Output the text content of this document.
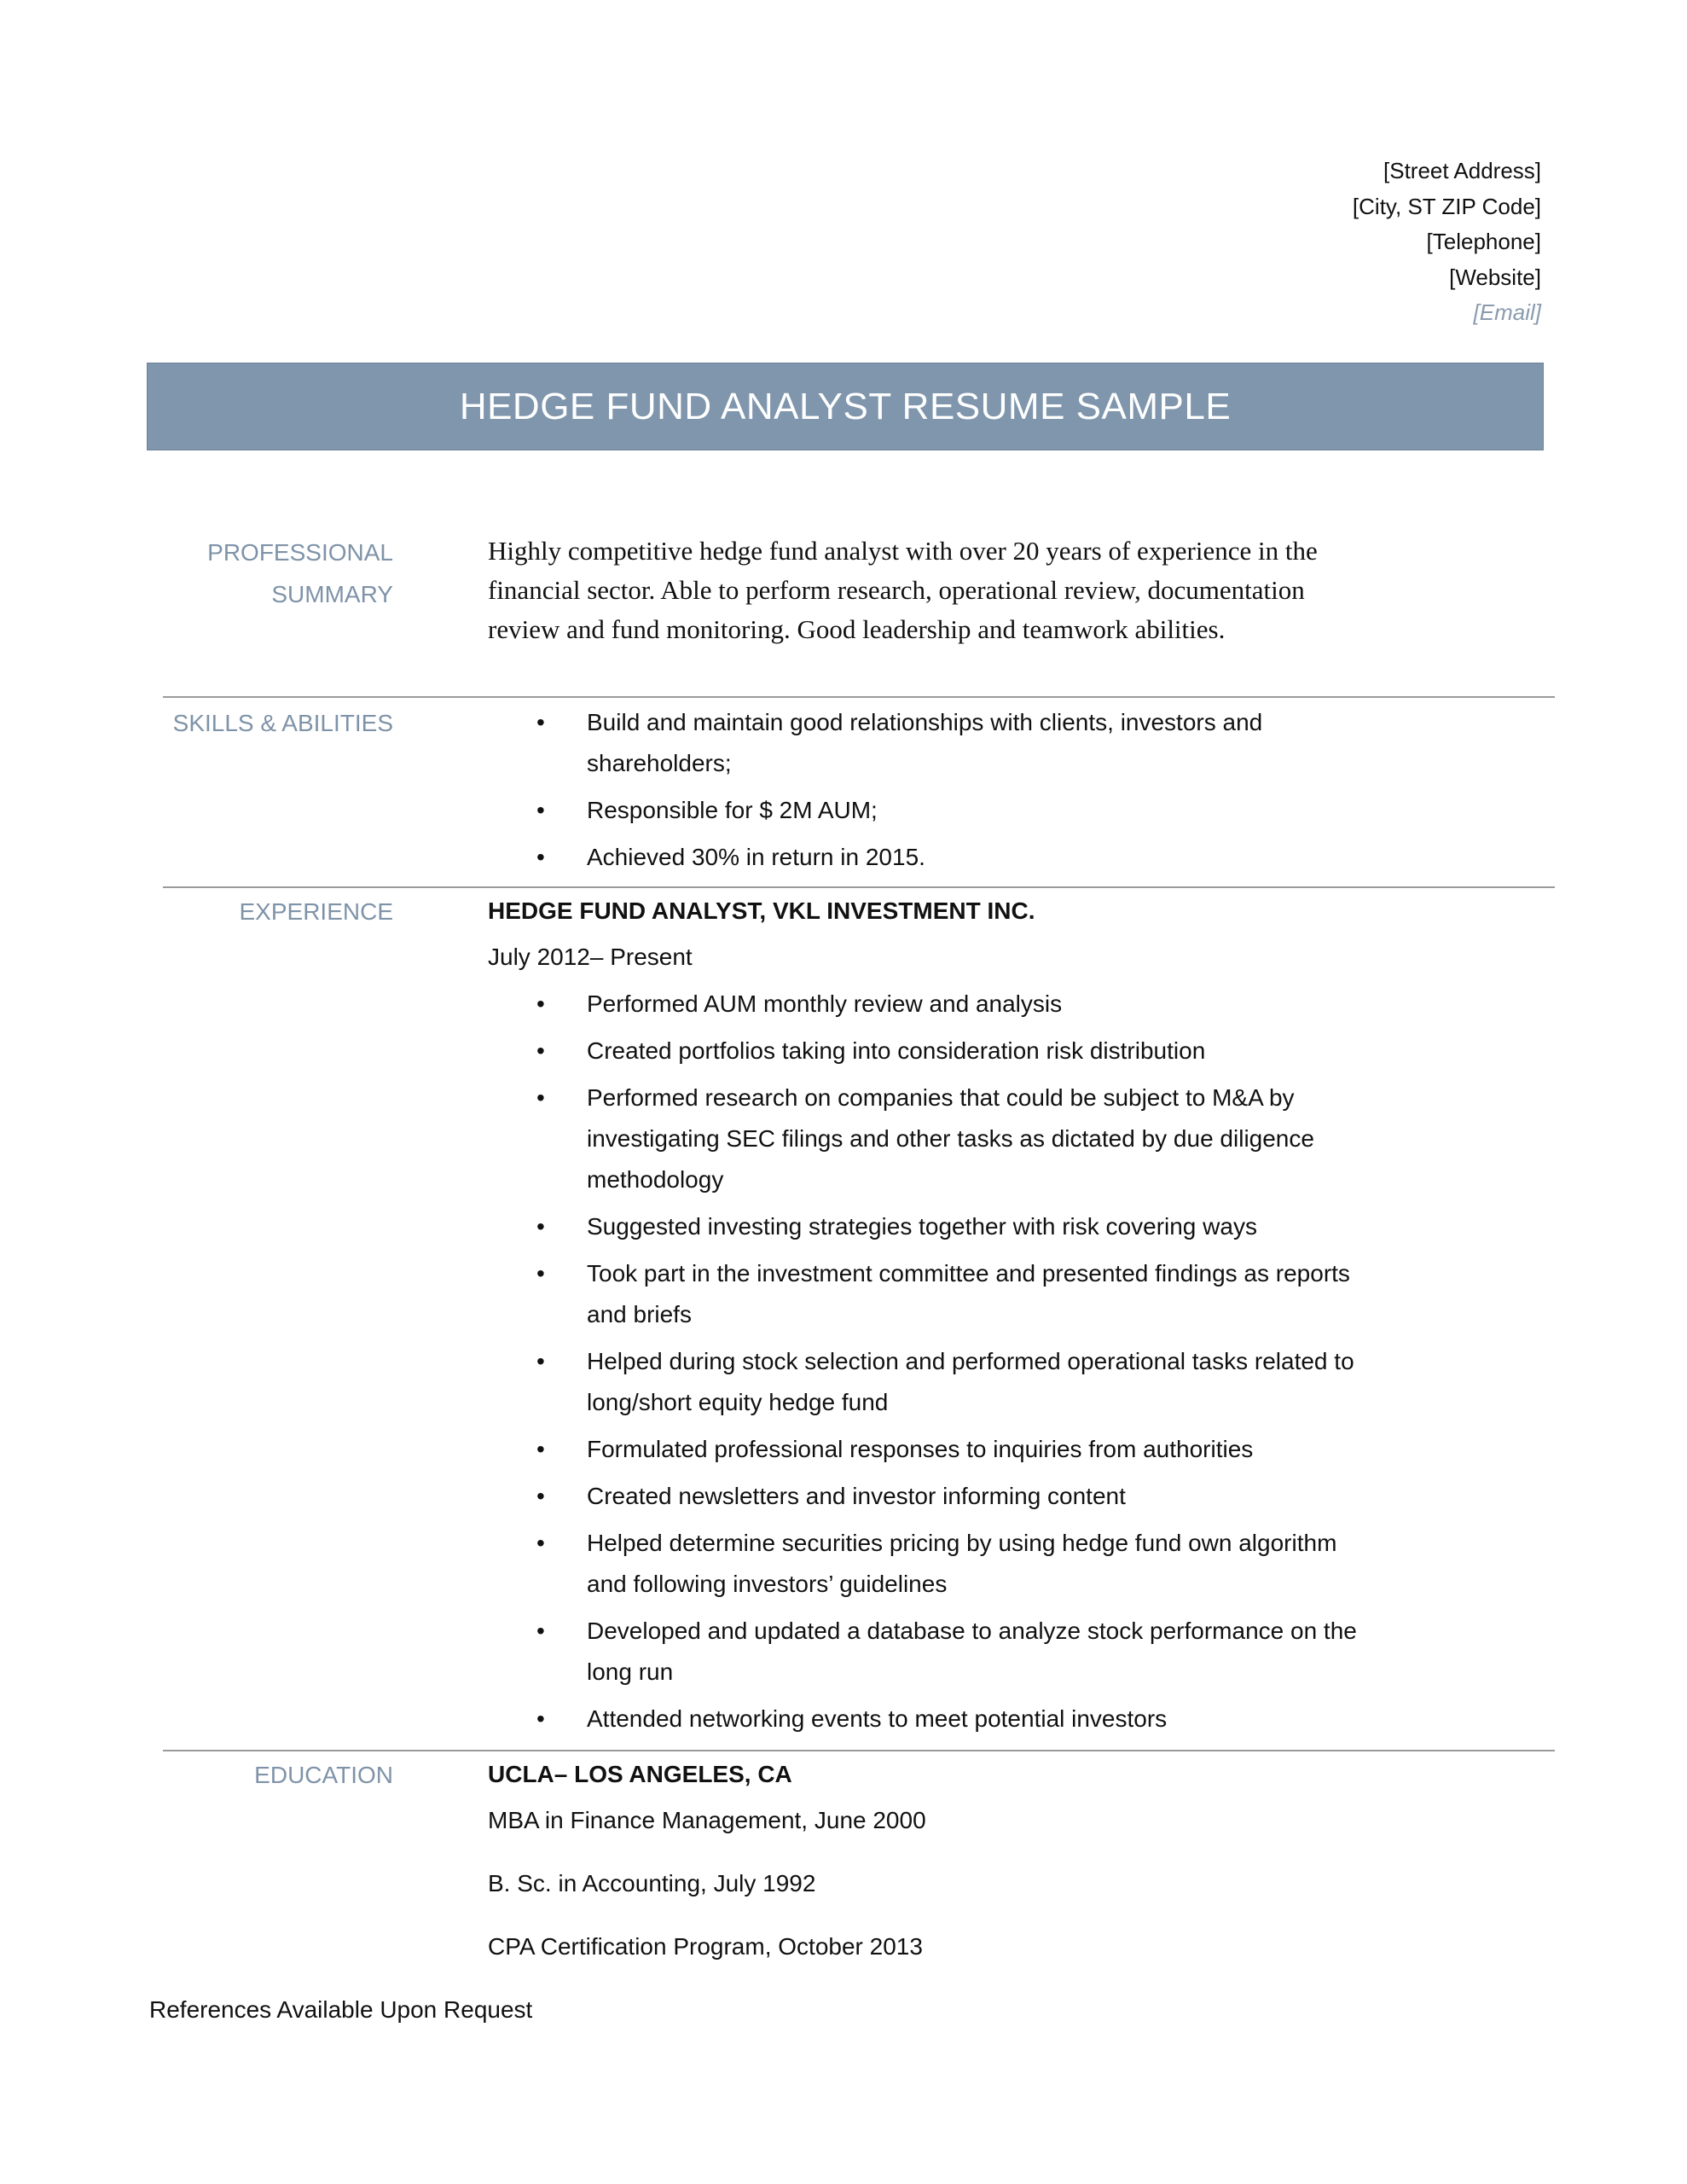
[Street Address]
[City, ST ZIP Code]
[Telephone]
[Website]
[Email]
HEDGE FUND ANALYST RESUME SAMPLE
PROFESSIONAL
SUMMARY
Highly competitive hedge fund analyst with over 20 years of experience in the financial sector. Able to perform research, operational review, documentation review and fund monitoring. Good leadership and teamwork abilities.
SKILLS & ABILITIES	• Build and maintain good relationships with clients, investors and shareholders;
• Responsible for $ 2M AUM;
• Achieved 30% in return in 2015.
EXPERIENCE	HEDGE FUND ANALYST, VKL INVESTMENT INC.
July 2012– Present
• Performed AUM monthly review and analysis
• Created portfolios taking into consideration risk distribution
• Performed research on companies that could be subject to M&A by investigating SEC filings and other tasks as dictated by due diligence methodology
• Suggested investing strategies together with risk covering ways
• Took part in the investment committee and presented findings as reports and briefs
• Helped during stock selection and performed operational tasks related to long/short equity hedge fund
• Formulated professional responses to inquiries from authorities
• Created newsletters and investor informing content
• Helped determine securities pricing by using hedge fund own algorithm and following investors’ guidelines
• Developed and updated a database to analyze stock performance on the long run
• Attended networking events to meet potential investors
EDUCATION	UCLA– LOS ANGELES, CA
MBA in Finance Management, June 2000
B. Sc. in Accounting, July 1992
CPA Certification Program, October 2013
References Available Upon Request
